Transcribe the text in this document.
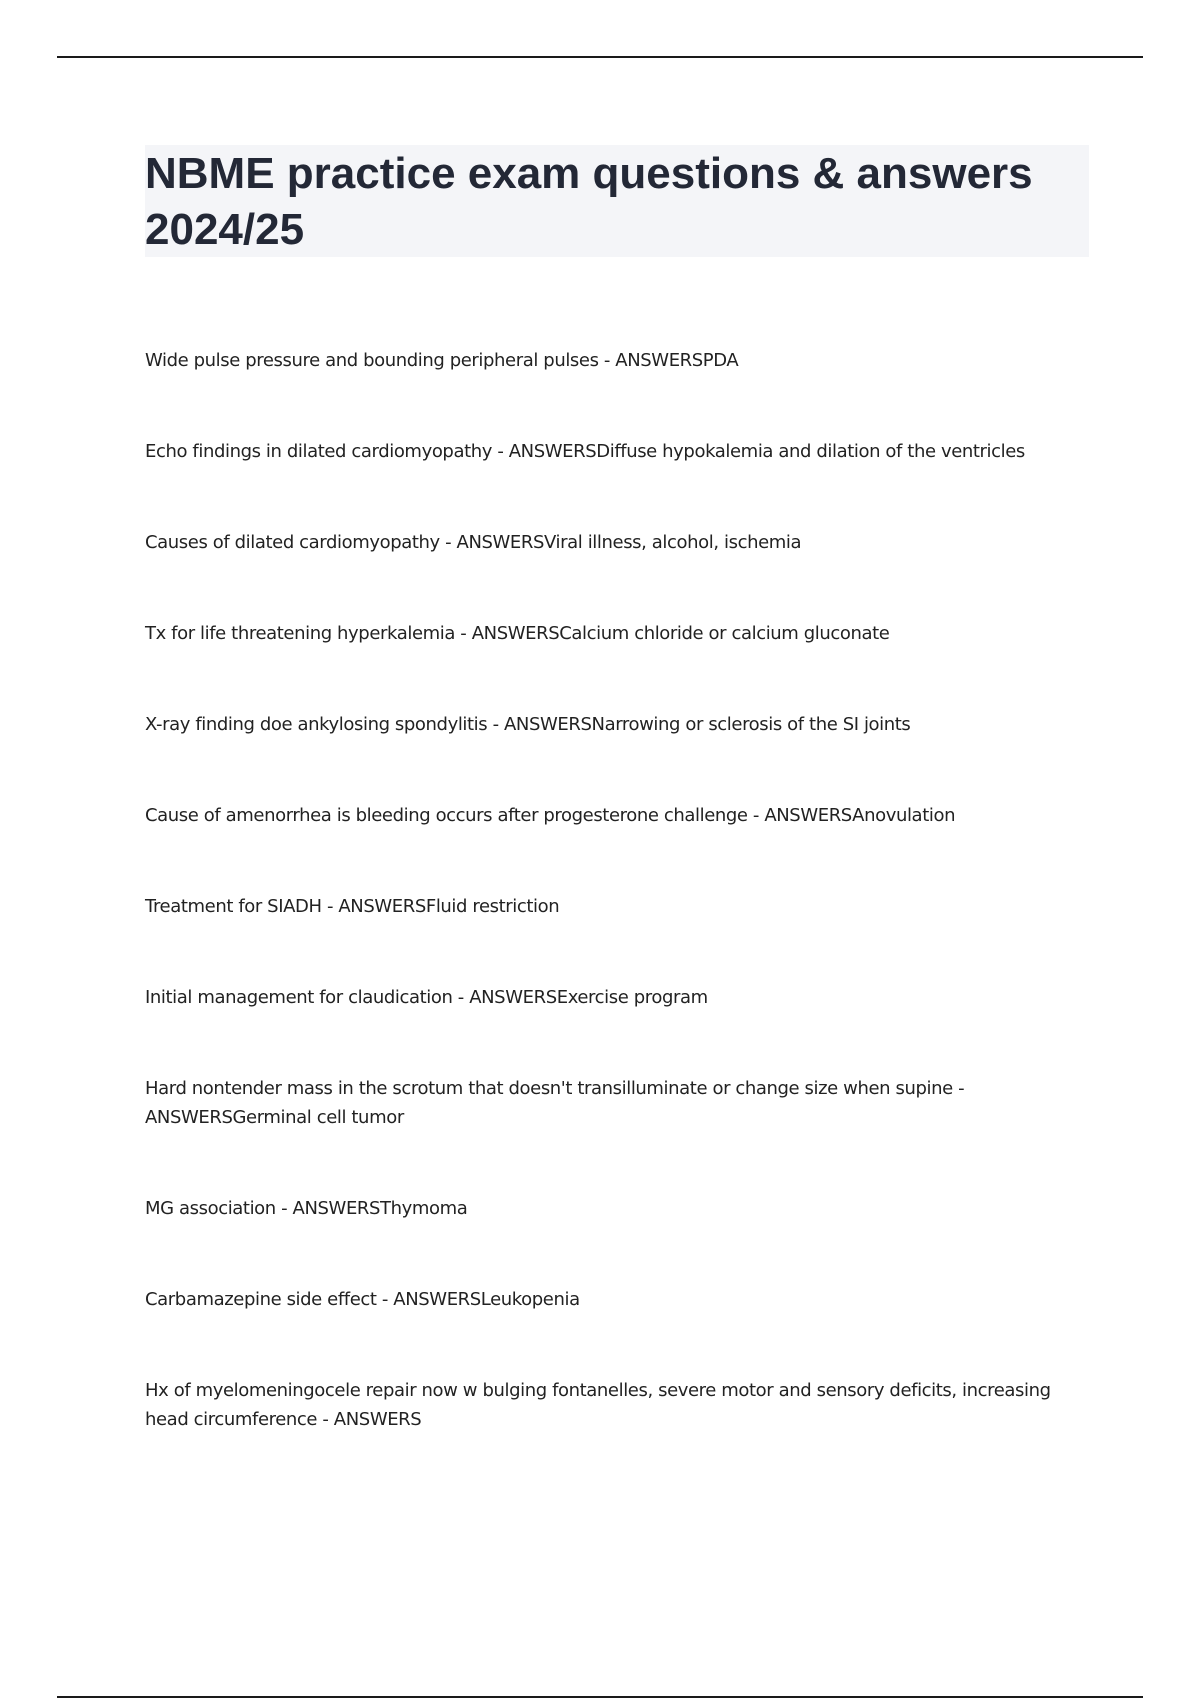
NBME practice exam questions & answers 2024/25
Wide pulse pressure and bounding peripheral pulses - ANSWERSPDA
Echo findings in dilated cardiomyopathy - ANSWERSDiffuse hypokalemia and dilation of the ventricles
Causes of dilated cardiomyopathy - ANSWERSViral illness, alcohol, ischemia
Tx for life threatening hyperkalemia - ANSWERSCalcium chloride or calcium gluconate
X-ray finding doe ankylosing spondylitis - ANSWERSNarrowing or sclerosis of the SI joints
Cause of amenorrhea is bleeding occurs after progesterone challenge - ANSWERSAnovulation
Treatment for SIADH - ANSWERSFluid restriction
Initial management for claudication - ANSWERSExercise program
Hard nontender mass in the scrotum that doesn't transilluminate or change size when supine - ANSWERSGerminal cell tumor
MG association - ANSWERSThymoma
Carbamazepine side effect - ANSWERSLeukopenia
Hx of myelomeningocele repair now w bulging fontanelles, severe motor and sensory deficits, increasing head circumference - ANSWERS
